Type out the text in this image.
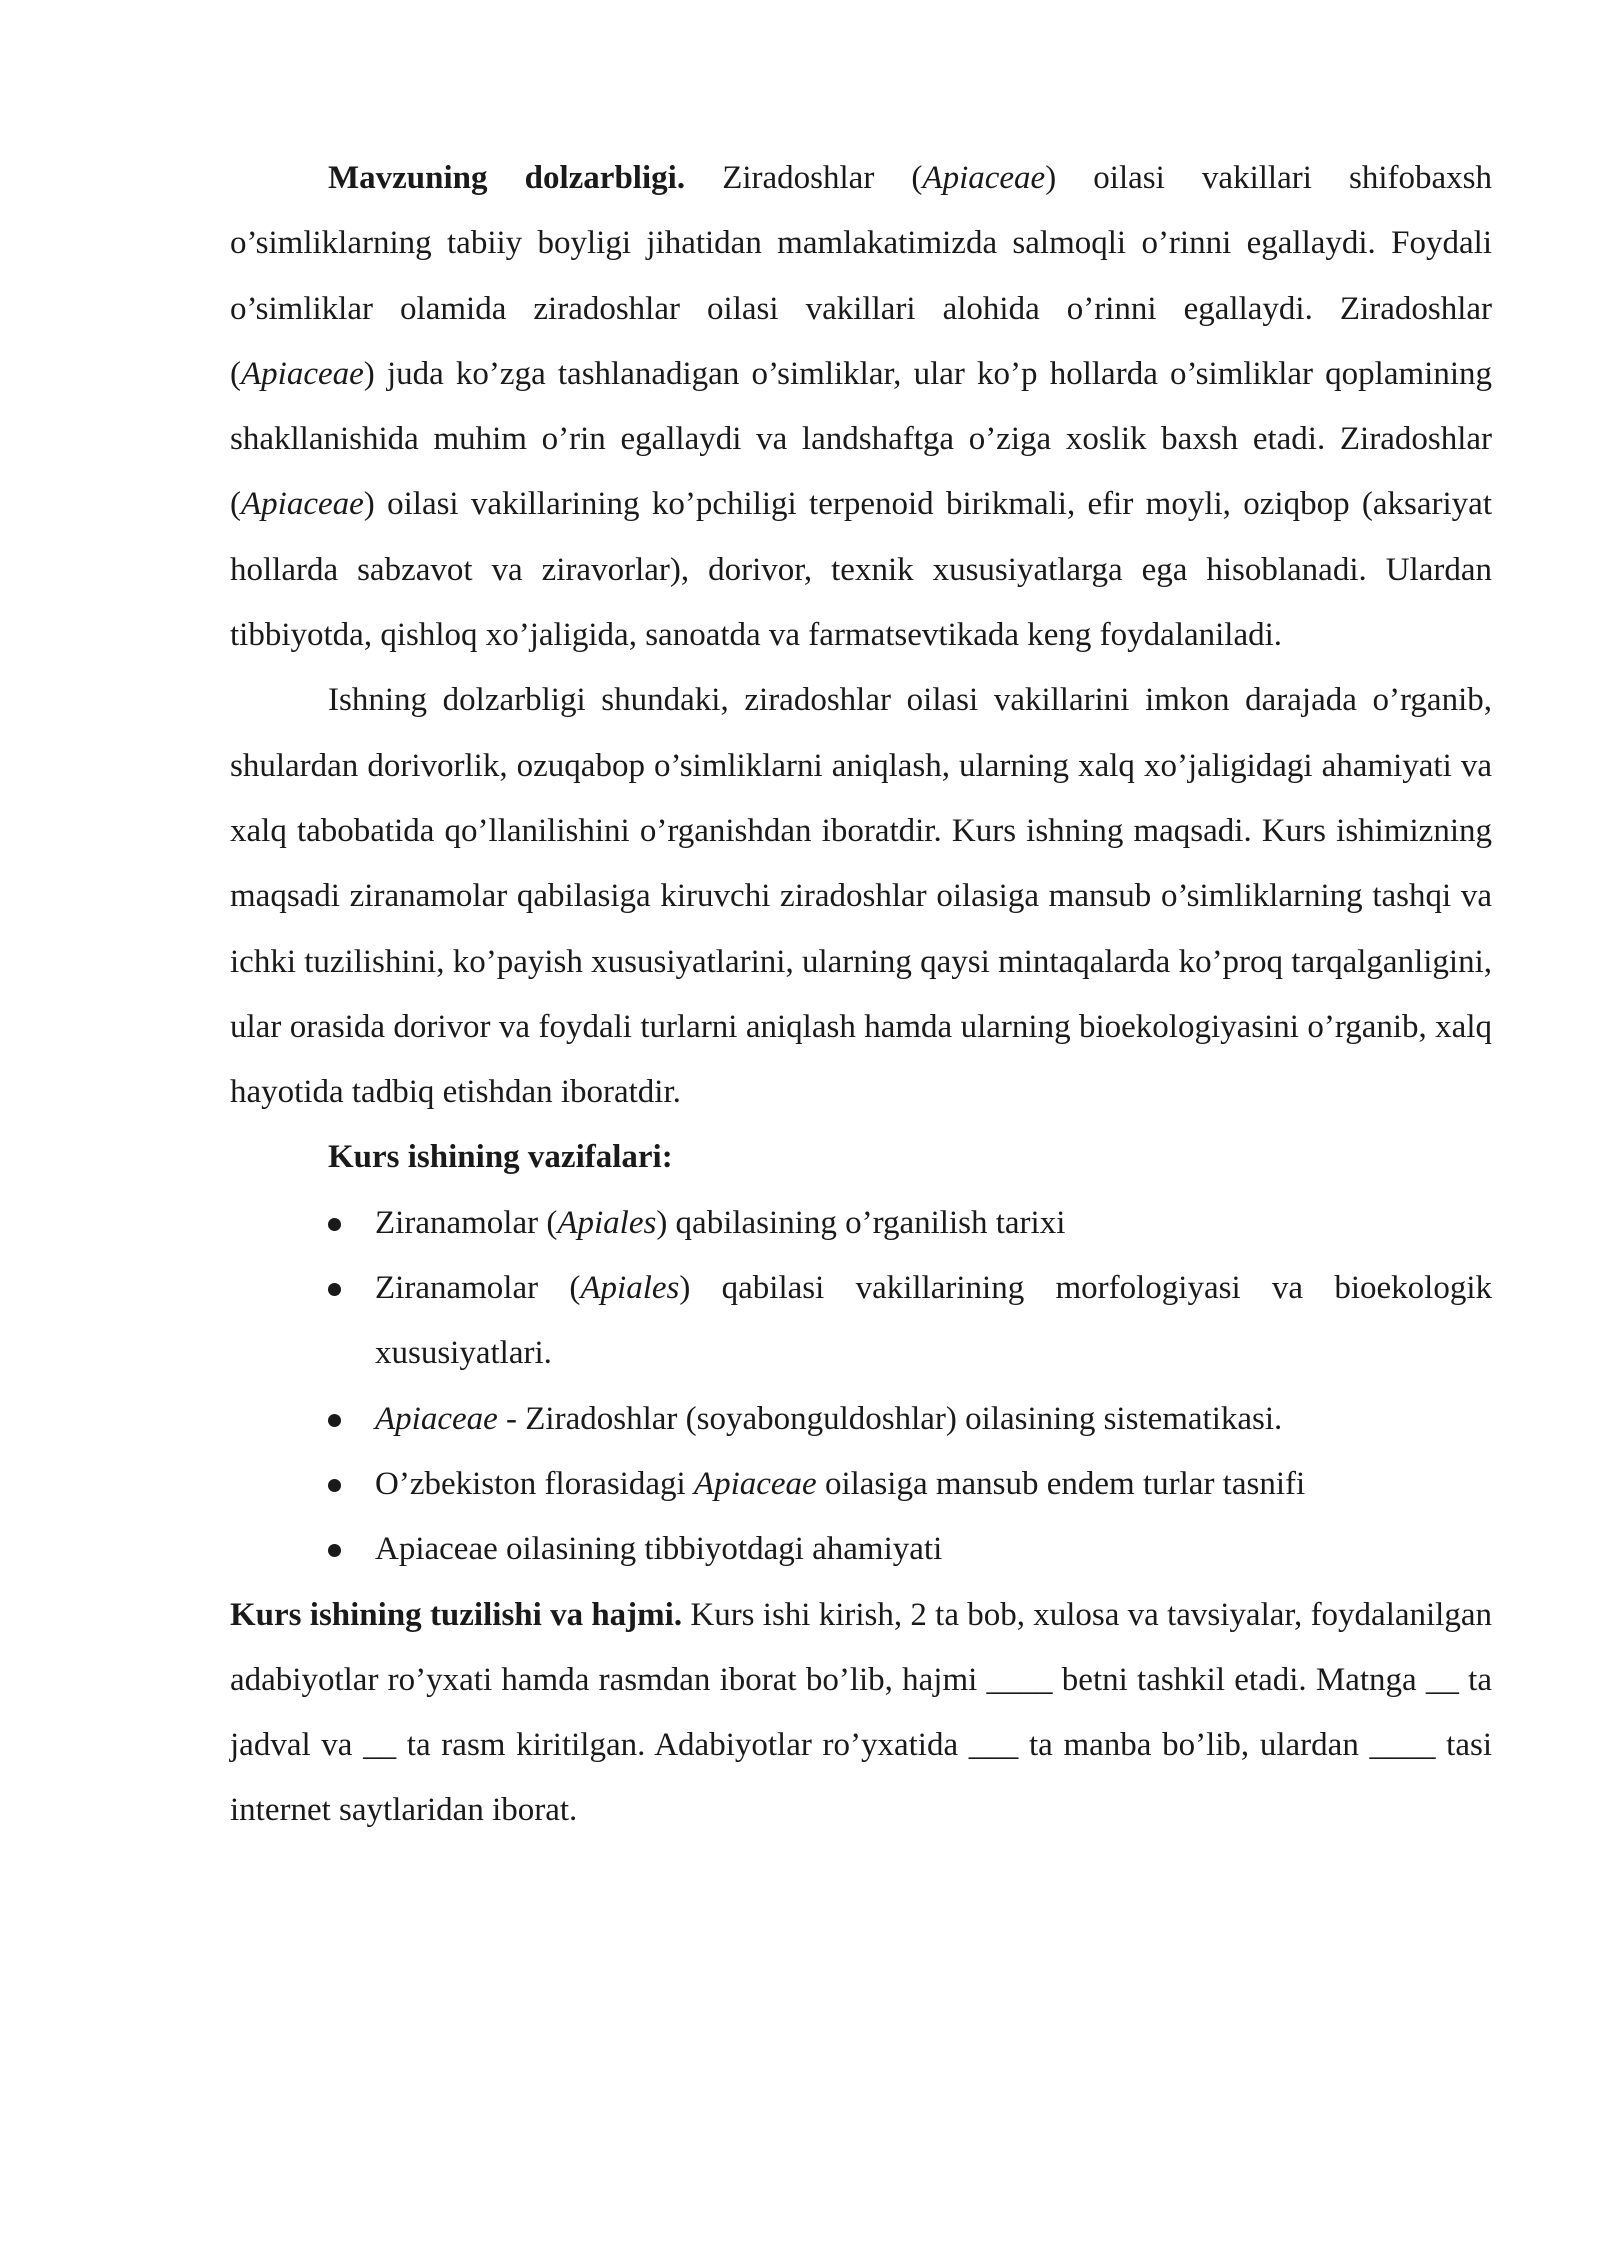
Mavzuning dolzarbligi. Ziradoshlar (Apiaceae) oilasi vakillari shifobaxsh o’simliklarning tabiiy boyligi jihatidan mamlakatimizda salmoqli o’rinni egallaydi. Foydali o’simliklar olamida ziradoshlar oilasi vakillari alohida o’rinni egallaydi. Ziradoshlar (Apiaceae) juda ko’zga tashlanadigan o’simliklar, ular ko’p hollarda o’simliklar qoplamining shakllanishida muhim o’rin egallaydi va landshaftga o’ziga xoslik baxsh etadi. Ziradoshlar (Apiaceae) oilasi vakillarining ko’pchiligi terpenoid birikmali, efir moyli, oziqbop (aksariyat hollarda sabzavot va ziravorlar), dorivor, texnik xususiyatlarga ega hisoblanadi. Ulardan tibbiyotda, qishloq xo’jaligida, sanoatda va farmatsevtikada keng foydalaniladi.

Ishning dolzarbligi shundaki, ziradoshlar oilasi vakillarini imkon darajada o’rganib, shulardan dorivorlik, ozuqabop o’simliklarni aniqlash, ularning xalq xo’jaligidagi ahamiyati va xalq tabobatida qo’llanilishini o’rganishdan iboratdir. Kurs ishning maqsadi. Kurs ishimizning maqsadi ziranamolar qabilasiga kiruvchi ziradoshlar oilasiga mansub o’simliklarning tashqi va ichki tuzilishini, ko’payish xususiyatlarini, ularning qaysi mintaqalarda ko’proq tarqalganligini, ular orasida dorivor va foydali turlarni aniqlash hamda ularning bioekologiyasini o’rganib, xalq hayotida tadbiq etishdan iboratdir.

Kurs ishining vazifalari:

Ziranamolar (Apiales) qabilasining o’rganilish tarixi
Ziranamolar (Apiales) qabilasi vakillarining morfologiyasi va bioekologik xususiyatlari.
Apiaceae - Ziradoshlar (soyabonguldoshlar) oilasining sistematikasi.
O’zbekiston florasidagi Apiaceae oilasiga mansub endem turlar tasnifi
Apiaceae oilasining tibbiyotdagi ahamiyati

Kurs ishining tuzilishi va hajmi. Kurs ishi kirish, 2 ta bob, xulosa va tavsiyalar, foydalanilgan adabiyotlar ro’yxati hamda rasmdan iborat bo’lib, hajmi ____ betni tashkil etadi. Matnga __ ta jadval va __ ta rasm kiritilgan. Adabiyotlar ro’yxatida ___ ta manba bo’lib, ulardan ____ tasi internet saytlaridan iborat.
